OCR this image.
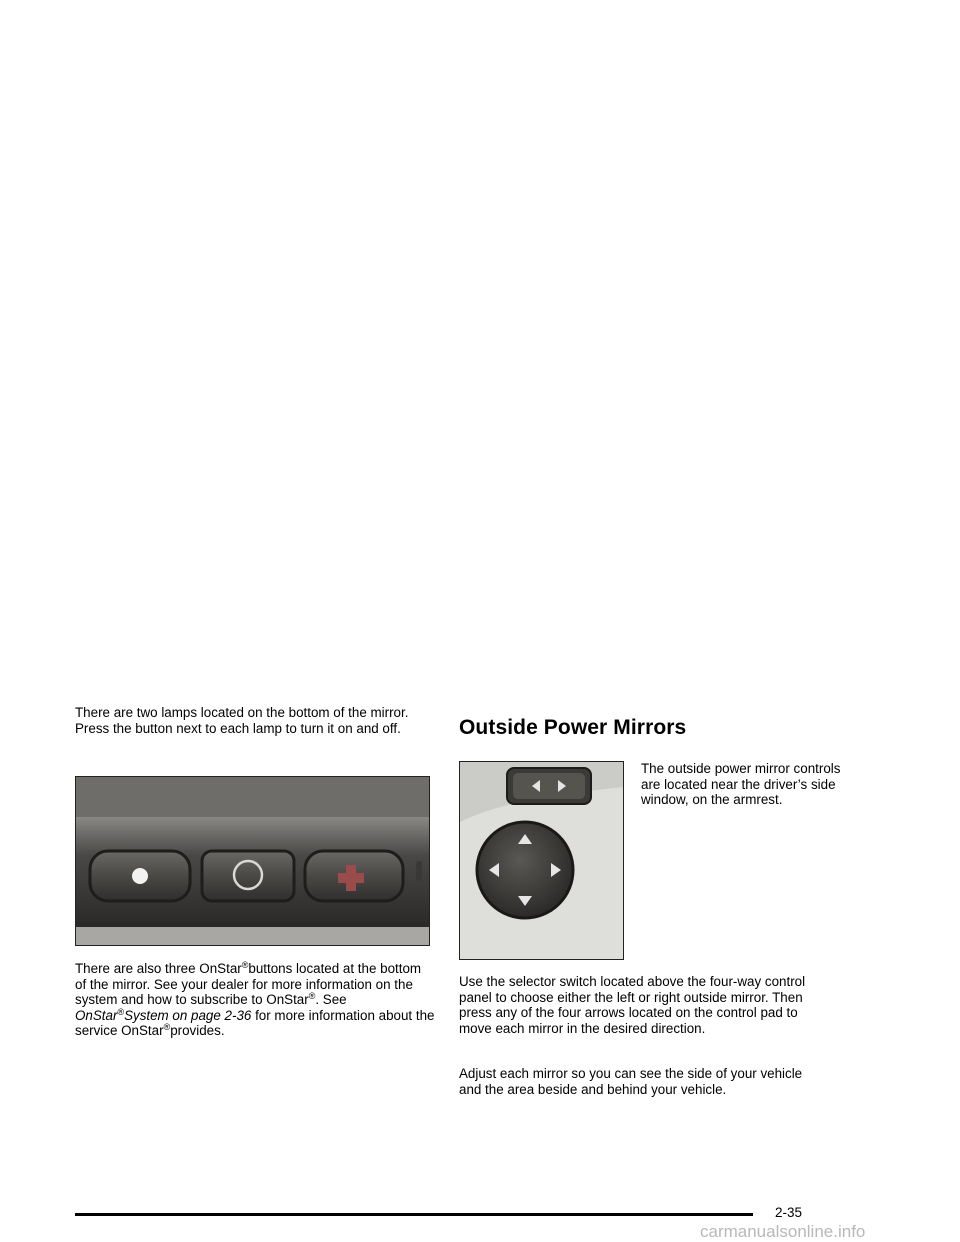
There are two lamps located on the bottom of the mirror. Press the button next to each lamp to turn it on and off.

There are also three OnStar®buttons located at the bottom of the mirror. See your dealer for more information on the system and how to subscribe to OnStar®. See OnStar®System on page 2-36 for more information about the service OnStar®provides.

Outside Power Mirrors

The outside power mirror controls are located near the driver’s side window, on the armrest.

Use the selector switch located above the four-way control panel to choose either the left or right outside mirror. Then press any of the four arrows located on the control pad to move each mirror in the desired direction.

Adjust each mirror so you can see the side of your vehicle and the area beside and behind your vehicle.

2-35
carmanualsonline.info
